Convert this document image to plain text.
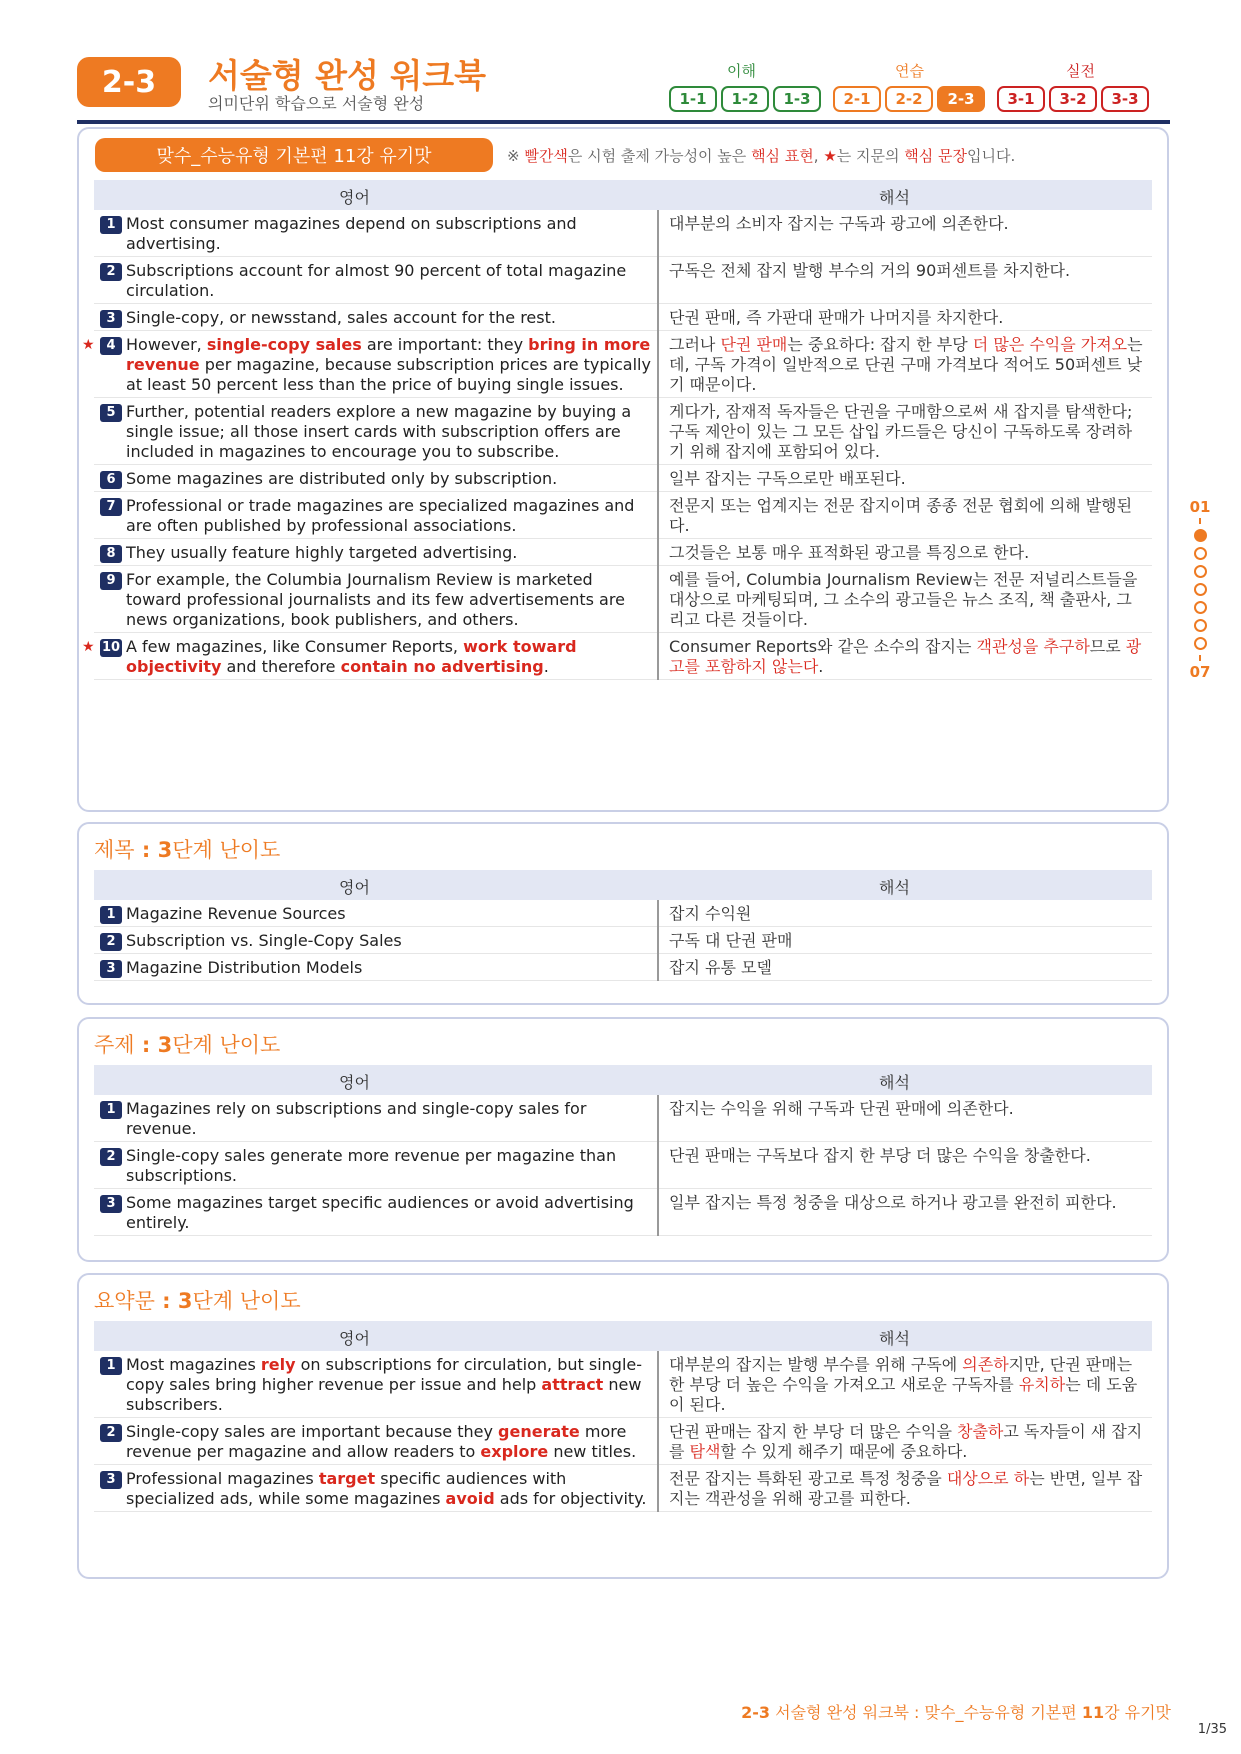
2-3	서술형 완성 워크북
의미단위 학습으로 서술형 완성
이해	연습	실전
1-1	1-2	1-3	2-1	2-2	2-3	3-1	3-2	3-3
맞수_수능유형 기본편 11강 유기맛	※ 빨간색은 시험 출제 가능성이 높은 핵심 표현, ★는 지문의 핵심 문장입니다.
영어	해석
1 Most consumer magazines depend on subscriptions and advertising.	대부분의 소비자 잡지는 구독과 광고에 의존한다.

2 Subscriptions account for almost 90 percent of total magazine circulation.	구독은 전체 잡지 발행 부수의 거의 90퍼센트를 차지한다.

3 Single-copy, or newsstand, sales account for the rest.	단권 판매, 즉 가판대 판매가 나머지를 차지한다.

★ 4 However, single-copy sales are important: they bring in more revenue per magazine, because subscription prices are typically at least 50 percent less than the price of buying single issues.	그러나 단권 판매는 중요하다: 잡지 한 부당 더 많은 수익을 가져오는데, 구독 가격이 일반적으로 단권 구매 가격보다 적어도 50퍼센트 낮기 때문이다.

5 Further, potential readers explore a new magazine by buying a single issue; all those insert cards with subscription offers are included in magazines to encourage you to subscribe.	게다가, 잠재적 독자들은 단권을 구매함으로써 새 잡지를 탐색한다; 구독 제안이 있는 그 모든 삽입 카드들은 당신이 구독하도록 장려하기 위해 잡지에 포함되어 있다.

6 Some magazines are distributed only by subscription.	일부 잡지는 구독으로만 배포된다.

7 Professional or trade magazines are specialized magazines and are often published by professional associations.	전문지 또는 업계지는 전문 잡지이며 종종 전문 협회에 의해 발행된다.

8 They usually feature highly targeted advertising.	그것들은 보통 매우 표적화된 광고를 특징으로 한다.

9 For example, the Columbia Journalism Review is marketed toward professional journalists and its few advertisements are news organizations, book publishers, and others.	예를 들어, Columbia Journalism Review는 전문 저널리스트들을 대상으로 마케팅되며, 그 소수의 광고들은 뉴스 조직, 책 출판사, 그리고 다른 것들이다.

★ 10 A few magazines, like Consumer Reports, work toward objectivity and therefore contain no advertising.	Consumer Reports와 같은 소수의 잡지는 객관성을 추구하므로 광고를 포함하지 않는다.
제목 : 3단계 난이도
영어	해석
1 Magazine Revenue Sources	잡지 수익원

2 Subscription vs. Single-Copy Sales	구독 대 단권 판매

3 Magazine Distribution Models	잡지 유통 모델
주제 : 3단계 난이도
영어	해석
1 Magazines rely on subscriptions and single-copy sales for revenue.	잡지는 수익을 위해 구독과 단권 판매에 의존한다.

2 Single-copy sales generate more revenue per magazine than subscriptions.	단권 판매는 구독보다 잡지 한 부당 더 많은 수익을 창출한다.

3 Some magazines target specific audiences or avoid advertising entirely.	일부 잡지는 특정 청중을 대상으로 하거나 광고를 완전히 피한다.
요약문 : 3단계 난이도
영어	해석
1 Most magazines rely on subscriptions for circulation, but single-copy sales bring higher revenue per issue and help attract new subscribers.	대부분의 잡지는 발행 부수를 위해 구독에 의존하지만, 단권 판매는 한 부당 더 높은 수익을 가져오고 새로운 구독자를 유치하는 데 도움이 된다.

2 Single-copy sales are important because they generate more revenue per magazine and allow readers to explore new titles.	단권 판매는 잡지 한 부당 더 많은 수익을 창출하고 독자들이 새 잡지를 탐색할 수 있게 해주기 때문에 중요하다.

3 Professional magazines target specific audiences with specialized ads, while some magazines avoid ads for objectivity.	전문 잡지는 특화된 광고로 특정 청중을 대상으로 하는 반면, 일부 잡지는 객관성을 위해 광고를 피한다.
01
07
2-3 서술형 완성 워크북 : 맞수_수능유형 기본편 11강 유기맛
1/35
